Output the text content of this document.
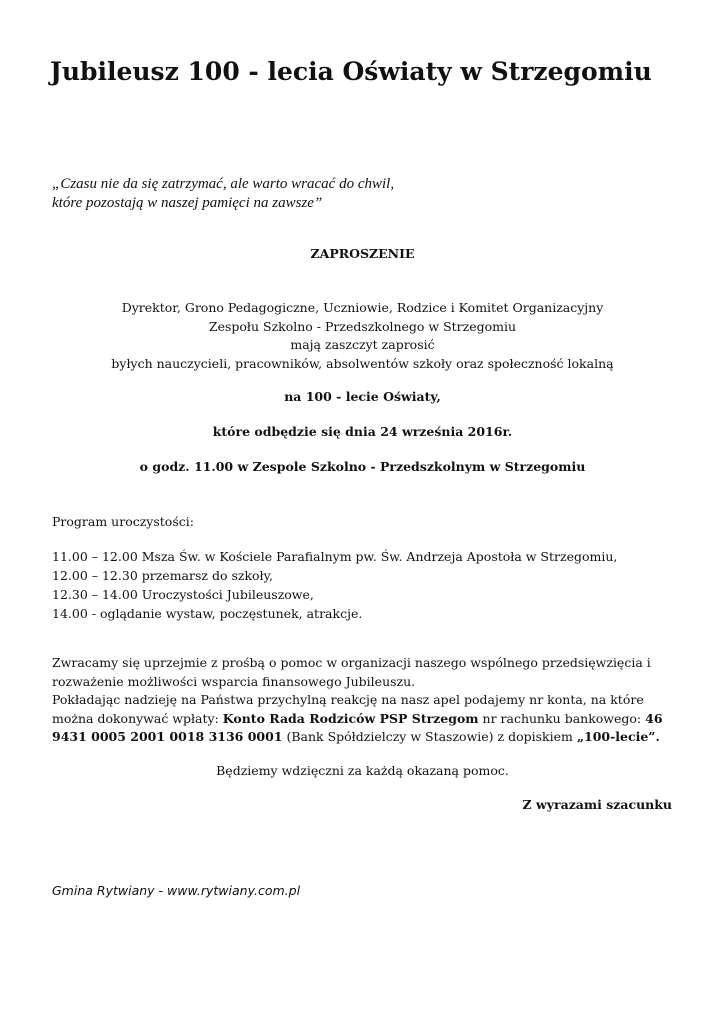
Jubileusz 100 - lecia Oświaty w Strzegomiu
„Czasu nie da się zatrzymać, ale warto wracać do chwil,
które pozostają w naszej pamięci na zawsze”
ZAPROSZENIE
Dyrektor, Grono Pedagogiczne, Uczniowie, Rodzice i Komitet Organizacyjny
Zespołu Szkolno - Przedszkolnego w Strzegomiu
mają zaszczyt zaprosić
byłych nauczycieli, pracowników, absolwentów szkoły oraz społeczność lokalną
na 100 - lecie Oświaty,
które odbędzie się dnia 24 września 2016r.
o godz. 11.00 w Zespole Szkolno - Przedszkolnym w Strzegomiu
Program uroczystości:
11.00 – 12.00 Msza Św. w Kościele Parafialnym pw. Św. Andrzeja Apostoła w Strzegomiu,
12.00 – 12.30 przemarsz do szkoły,
12.30 – 14.00 Uroczystości Jubileuszowe,
14.00 - oglądanie wystaw, poczęstunek, atrakcje.
Zwracamy się uprzejmie z prośbą o pomoc w organizacji naszego wspólnego przedsięwzięcia i
rozważenie możliwości wsparcia finansowego Jubileuszu.
Pokładając nadzieję na Państwa przychylną reakcję na nasz apel podajemy nr konta, na które
można dokonywać wpłaty: Konto Rada Rodziców PSP Strzegom nr rachunku bankowego: 46
9431 0005 2001 0018 3136 0001 (Bank Spółdzielczy w Staszowie) z dopiskiem „100-lecie”.
Będziemy wdzięczni za każdą okazaną pomoc.
Z wyrazami szacunku
Gmina Rytwiany - www.rytwiany.com.pl
